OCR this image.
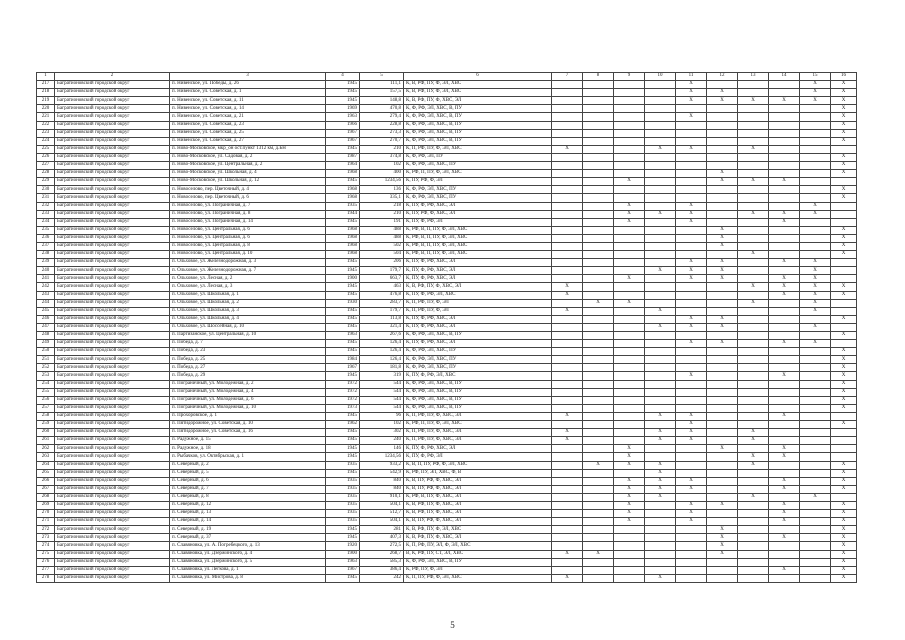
1	2	3	4	5	6	7	8	9	10	11	12	13	14	15	16
217	Багратионовский городской округ	п. Нивенское, ул. Победы, д. 26	1945	111,1	К, В, РФ, ПУ, Ф, ЭЛ, ХВС					Х				Х	Х
218	Багратионовский городской округ	п. Нивенское, ул. Советская, д. 1	1945	157,5	К, В, РФ, ПУ, Ф, ЭЛ, ХВС					Х	Х			Х	Х
219	Багратионовский городской округ	п. Нивенское, ул. Советская, д. 11	1945	148,8	К, В, РФ, ПУ, Ф, ХВС, ЭЛ					Х	Х	Х	Х	Х	Х
220	Багратионовский городской округ	п. Нивенское, ул. Советская, д. 14	1969	470,8	К, Ф, РФ, ЭЛ, ХВС, В, ПУ										Х
221	Багратионовский городской округ	п. Нивенское, ул. Советская, д. 21	1963	279,4	К, Ф, РФ, ЭЛ, ХВС, В, ПУ					Х					Х
222	Багратионовский городской округ	п. Нивенское, ул. Советская, д. 23	1966	228,8	К, Ф, РФ, ЭЛ, ХВС, В, ПУ										Х
223	Багратионовский городской округ	п. Нивенское, ул. Советская, д. 25	1967	273,3	К, Ф, РФ, ЭЛ, ХВС, В, ПУ										Х
224	Багратионовский городской округ	п. Нивенское, ул. Советская, д. 27	1967	270,7	К, Ф, РФ, ЭЛ, ХВС, В, ПУ										Х
225	Багратионовский городской округ	п. Ново-Московское, мкр_он ост.пункт 1312 км, д.БН	1945	210	К, П, РФ, ПУ, Ф, ЭЛ, ХВС	Х			Х	Х		Х			
226	Багратионовский городской округ	п. Ново-Московское, ул. Садовая, д. 2	1987	374,8	К, Ф, РФ, ЭЛ, ПУ										Х
227	Багратионовский городской округ	п. Ново-Московское, ул. Центральная, д. 2	1964	102	К, Ф, РФ, ЭЛ, ХВС, ПУ										Х
228	Багратионовский городской округ	п. Ново-Московское, ул. Школьная, д. 4	1968	400	К, РФ, П, ПУ, Ф, ЭЛ, ХВС						Х				Х
229	Багратионовский городской округ	п. Ново-Московское, ул. Школьная, д. 12	1945	1234,56	К, ПУ, РФ, Ф, ЭЛ			Х			Х	Х	Х		
230	Багратионовский городской округ	п. Новоселово, пер. Цветочный, д. 4	1968	136	К, Ф, РФ, ЭЛ, ХВС, ПУ										Х
231	Багратионовский городской округ	п. Новоселово, пер. Цветочный, д. 6	1968	335,1	К, Ф, РФ, ЭЛ, ХВС, ПУ										Х
232	Багратионовский городской округ	п. Новоселово, ул. Пограничная, д. 7	1935	218	К, ПУ, Ф, РФ, ХВС, ЭЛ			Х		Х				Х	
233	Багратионовский городской округ	п. Новоселово, ул. Пограничная, д. 8	1944	210	К, ПУ, РФ, Ф, ХВС, ЭЛ			Х	Х	Х		Х	Х	Х	
234	Багратионовский городской округ	п. Новоселово, ул. Пограничная, д. 14	1945	191	К, ПУ, Ф, РФ, ЭЛ			Х		Х			Х		
235	Багратионовский городской округ	п. Новоселово, ул. Центральная, д. 6	1968	488	К, РФ, В, П, ПУ, Ф, ЭЛ, ХВС						Х				Х
236	Багратионовский городской округ	п. Новоселово, ул. Центральная, д. 6	1968	488	К, РФ, В, П, ПУ, Ф, ЭЛ, ХВС						Х				Х
237	Багратионовский городской округ	п. Новоселово, ул. Центральная, д. 8	1968	502	К, РФ, В, П, ПУ, Ф, ЭЛ, ХВС						Х				Х
238	Багратионовский городской округ	п. Новоселово, ул. Центральная, д. 10	1968	504	К, РФ, В, П, ПУ, Ф, ЭЛ, ХВС							Х			Х
239	Багратионовский городской округ	п. Ольховое, ул. Железнодорожная, д. 3	1945	206	К, ПУ, Ф, РФ, ХВС, ЭЛ					Х	Х		Х	Х	
240	Багратионовский городской округ	п. Ольховое, ул. Железнодорожная, д. 7	1945	179,7	К, ПУ, Ф, РФ, ХВС, ЭЛ				Х	Х	Х			Х	
241	Багратионовский городской округ	п. Ольховое, ул. Лесная, д. 2	1900	663,7	К, ПУ, Ф, РФ, ХВС, ЭЛ			Х		Х	Х		Х	Х	
242	Багратионовский городской округ	п. Ольховое, ул. Лесная, д. 3	1945	463	К, В, РФ, ПУ, Ф, ХВС, ЭЛ	Х						Х	Х	Х	Х
243	Багратионовский городской округ	п. Ольховое, ул. Школьная, д. 1	1945	476,8	К, ПУ, Ф, РФ, ЭЛ, ХВС	Х							Х	Х	Х
244	Багратионовский городской округ	п. Ольховое, ул. Школьная, д. 2	1930	283,7	К, П, РФ, ПУ, Ф, ЭЛ		Х	Х				Х		Х	
245	Багратионовский городской округ	п. Ольховое, ул. Школьная, д. 3	1945	179,7	К, П, РФ, ПУ, Ф, ЭЛ	Х			Х					Х	
246	Багратионовский городской округ	п. Ольховое, ул. Школьная, д. 4	1945	113,8	К, ПУ, Ф, РФ, ХВС, ЭЛ					Х	Х				Х
247	Багратионовский городской округ	п. Ольховое, ул. Шоссейная, д. 10	1945	321,4	К, ПУ, Ф, РФ, ХВС, ЭЛ				Х	Х	Х			Х	
248	Багратионовский городской округ	п. Партизанское, ул. Центральная, д. 10	1963	267,6	К, Ф, РФ, ЭЛ, ХВС, В, ПУ										Х
249	Багратионовский городской округ	п. Победа, д. 7	1945	126,4	К, ПУ, Ф, РФ, ХВС, ЭЛ					Х	Х		Х	Х	
250	Багратионовский городской округ	п. Победа, д. 23	1945	126,4	К, Ф, РФ, ЭЛ, ХВС, ПУ										Х
251	Багратионовский городской округ	п. Победа, д. 25	1984	126,4	К, Ф, РФ, ЭЛ, ХВС, ПУ										Х
252	Багратионовский городской округ	п. Победа, д. 27	1967	181,8	К, Ф, РФ, ЭЛ, ХВС, ПУ										Х
253	Багратионовский городской округ	п. Победа, д. 29	1945	319	К, ПУ, Ф, РФ, ЭЛ, ХВС					Х			Х		Х
254	Багратионовский городской округ	п. Пограничный, ул. Молодежная, д. 2	1972	544	К, Ф, РФ, ЭЛ, ХВС, В, ПУ										Х
255	Багратионовский городской округ	п. Пограничный, ул. Молодежная, д. 4	1972	544	К, Ф, РФ, ЭЛ, ХВС, В, ПУ										Х
256	Багратионовский городской округ	п. Пограничный, ул. Молодежная, д. 6	1972	544	К, Ф, РФ, ЭЛ, ХВС, В, ПУ										Х
257	Багратионовский городской округ	п. Пограничный, ул. Молодежная, д. 10	1973	544	К, Ф, РФ, ЭЛ, ХВС, В, ПУ										Х
258	Багратионовский городской округ	п. Прохоровское, д. 1	1945	96	К, П, РФ, ПУ, Ф, ХВС, ЭЛ	Х			Х	Х			Х		
259	Багратионовский городской округ	п. Пятидорожное, ул. Советская, д. 10	1962	102	К, РФ, П, ПУ, Ф, ЭЛ, ХВС					Х					Х
260	Багратионовский городской округ	п. Пятидорожное, ул. Советская, д. 16	1945	302	К, П, РФ, ПУ, Ф, ХВС, ЭЛ	Х			Х	Х		Х			
261	Багратионовский городской округ	п. Радужное, д. 15	1945	240	К, П, РФ, ПУ, Ф, ХВС, ЭЛ	Х			Х	Х		Х			
262	Багратионовский городской округ	п. Радужное, д. 18	1945	146	К, ПУ, Ф, РФ, ХВС, ЭЛ			Х			Х		Х		
263	Багратионовский городской округ	п. Рыбачков, ул. Октябрьская, д. 1	1945	1234,56	К, ПУ, Ф, РФ, ЭЛ			Х				Х	Х		
264	Багратионовский городской округ	п. Северный, д. 2	1935	933,2	К, В, П, ПУ, РФ, Ф, ЭЛ, ХВС		Х	Х	Х			Х			Х
265	Багратионовский городской округ	п. Северный, д. 5	1945	542,9	К, РФ, ПУ, ЭЛ, ХВС, Ф, В				Х						Х
266	Багратионовский городской округ	п. Северный, д. 6	1935	840	К, В, ПУ, РФ, Ф, ХВС, ЭЛ			Х	Х	Х			Х		Х
267	Багратионовский городской округ	п. Северный, д. 7	1935	840	К, В, ПУ, РФ, Ф, ХВС, ЭЛ			Х	Х	Х			Х		Х
268	Багратионовский городской округ	п. Северный, д. 8	1935	910,1	К, РФ, В, ПУ, Ф, ХВС, ЭЛ			Х	Х			Х		Х	
269	Багратионовский городской округ	п. Северный, д. 12	1935	504,1	К, В, РФ, ПУ, Ф, ХВС, ЭЛ			Х		Х	Х		Х		Х
270	Багратионовский городской округ	п. Северный, д. 13	1935	512,7	К, В, РФ, ПУ, Ф, ХВС, ЭЛ			Х		Х			Х		Х
271	Багратионовский городской округ	п. Северный, д. 14	1935	504,1	К, В, ПУ, РФ, Ф, ХВС, ЭЛ			Х		Х			Х		Х
272	Багратионовский городской округ	п. Северный, д. 19	1945	281	К, В, РФ, ПУ, Ф, ЭЛ, ХВС						Х				Х
273	Багратионовский городской округ	п. Северный, д. 37	1945	407,3	К, В, РФ, ПУ, Ф, ХВС, ЭЛ						Х		Х		Х
274	Багратионовский городской округ	п. Славяновка, ул. А. Погребецкого, д. 13	1920	272,5	К, П, РФ, ПУ, ЭЛ, Ф, ЭЛ, ХВС						Х				Х
275	Багратионовский городской округ	п. Славяновка, ул. Дзержинского, д. 4	1900	268,7	В, К, РФ, ПУ, СТ, ЭЛ, ХВС	Х	Х				Х				Х
276	Багратионовский городской округ	п. Славяновка, ул. Дзержинского, д. 5	1963	585,3	К, Ф, РФ, ЭЛ, ХВС, В, ПУ										Х
277	Багратионовский городской округ	п. Славяновка, ул. Легкова, д. 1	1967	386,4	К, РФ, ПУ, Ф, ЭЛ								Х		Х
278	Багратионовский городской округ	п. Славяновка, ул. Мистрова, д. 8	1945	242	К, П, ПУ, РФ, Ф, ЭЛ, ХВС	Х			Х						Х
5
